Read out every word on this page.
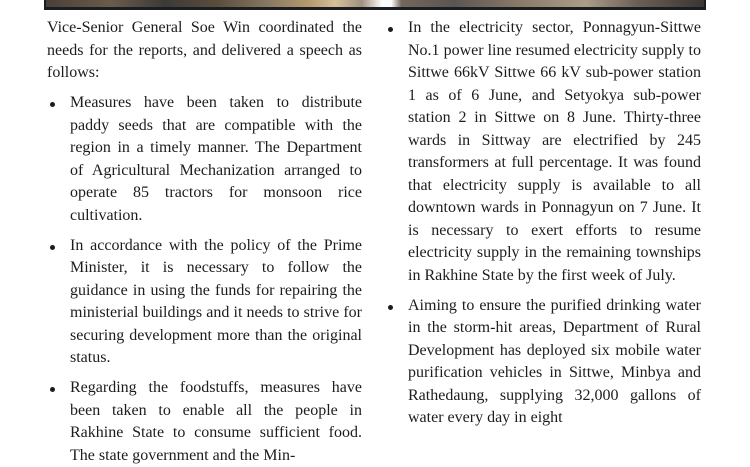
Vice-Senior General Soe Win coordinated the needs for the reports, and delivered a speech as follows:

Measures have been taken to distribute paddy seeds that are compatible with the region in a timely manner. The Department of Agricultural Mechanization arranged to operate 85 tractors for monsoon rice cultivation.
In accordance with the policy of the Prime Minister, it is necessary to follow the guidance in using the funds for repairing the ministerial buildings and it needs to strive for securing development more than the original status.
Regarding the foodstuffs, measures have been taken to enable all the people in Rakhine State to consume sufficient food. The state government and the Min-
In the electricity sector, Ponnagyun-Sittwe No.1 power line resumed electricity supply to Sittwe 66kV Sittwe 66 kV sub-power station 1 as of 6 June, and Setyokya sub-power station 2 in Sittwe on 8 June. Thirty-three wards in Sittway are electrified by 245 transformers at full percentage. It was found that electricity supply is available to all downtown wards in Ponnagyun on 7 June. It is necessary to exert efforts to resume electricity supply in the remaining townships in Rakhine State by the first week of July.
Aiming to ensure the purified drinking water in the storm-hit areas, Department of Rural Development has deployed six mobile water purification vehicles in Sittwe, Minbya and Rathedaung, supplying 32,000 gallons of water every day in eight
